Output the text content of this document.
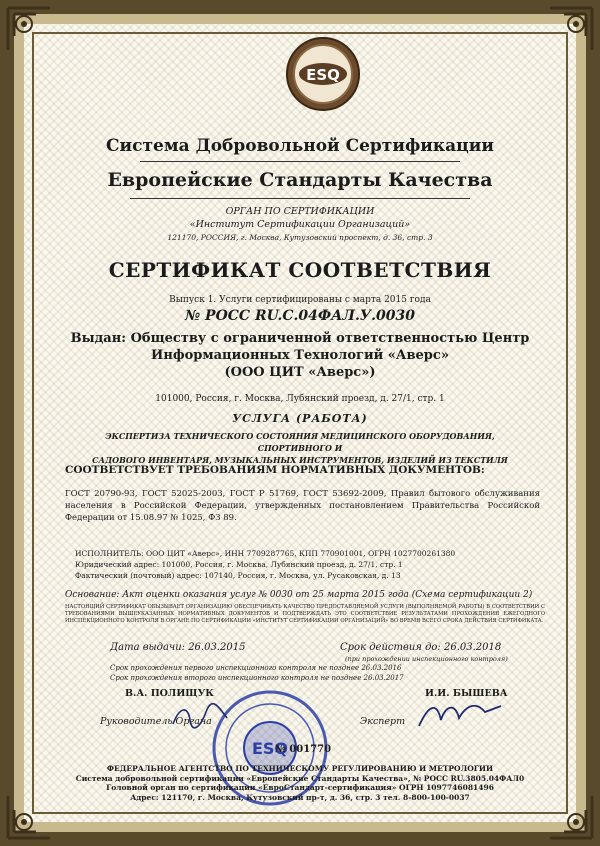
ESQ
Система Добровольной Сертификации
Европейские Стандарты Качества
ОРГАН ПО СЕРТИФИКАЦИИ
«Институт Сертификации Организаций»
121170, РОССИЯ, г. Москва, Кутузовский проспект, д. 36, стр. 3
СЕРТИФИКАТ СООТВЕТСТВИЯ
Выпуск 1. Услуги сертифицированы с марта 2015 года
№ РОСС RU.С.04ФАЛ.У.0030
Выдан: Обществу с ограниченной ответственностью Центр
Информационных Технологий «Аверс»
(ООО ЦИТ «Аверс»)
101000, Россия, г. Москва, Лубянский проезд, д. 27/1, стр. 1
УСЛУГА (РАБОТА)
ЭКСПЕРТИЗА ТЕХНИЧЕСКОГО СОСТОЯНИЯ МЕДИЦИНСКОГО ОБОРУДОВАНИЯ, СПОРТИВНОГО И
САДОВОГО ИНВЕНТАРЯ, МУЗЫКАЛЬНЫХ ИНСТРУМЕНТОВ, ИЗДЕЛИЙ ИЗ ТЕКСТИЛЯ
СООТВЕТСТВУЕТ ТРЕБОВАНИЯМ НОРМАТИВНЫХ ДОКУМЕНТОВ:
ГОСТ 20790-93, ГОСТ 52025-2003, ГОСТ Р 51769, ГОСТ 53692-2009, Правил бытового обслуживания населения в Российской Федерации, утвержденных постановлением Правительства Российской Федерации от 15.08.97 № 1025, ФЗ 89.
ИСПОЛНИТЕЛЬ: ООО ЦИТ «Аверс», ИНН 7709287765, КПП 770901001, ОГРН 1027700261380
Юридический адрес: 101000, Россия, г. Москва, Лубянский проезд, д. 27/1, стр. 1
Фактический (почтовый) адрес: 107140, Россия, г. Москва, ул. Русаковская, д. 13
Основание: Акт оценки оказания услуг № 0030 от 25 марта 2015 года (Схема сертификации 2)
НАСТОЯЩИЙ СЕРТИФИКАТ ОБЫЗЫВАЕТ ОРГАНИЗАЦИЮ ОБЕСПЕЧИВАТЬ КАЧЕСТВО ПРЕДОСТАВЛЯЕМОЙ УСЛУГИ (ВЫПОЛНЯЕМОЙ РАБОТЫ) В СООТВЕТСТВИИ С ТРЕБОВАНИЯМИ ВЫШЕУКАЗАННЫХ НОРМАТИВНЫХ ДОКУМЕНТОВ И ПОДТВЕРЖДАТЬ ЭТО СООТВЕТСТВИЕ РЕЗУЛЬТАТАМИ ПРОХОЖДЕНИЯ ЕЖЕГОДНОГО ИНСПЕКЦИОННОГО КОНТРОЛЯ В ОРГАНЕ ПО СЕРТИФИКАЦИИ «ИНСТИТУТ СЕРТИФИКАЦИИ ОРГАНИЗАЦИЙ» ВО ВРЕМЯ ВСЕГО СРОКА ДЕЙСТВИЯ СЕРТИФИКАТА.
Дата выдачи: 26.03.2015	Срок действия до: 26.03.2018
(при прохождении инспекционного контроля)
Срок прохождения первого инспекционного контроля не позднее 26.03.2016
Срок прохождения второго инспекционного контроля не позднее 26.03.2017
В.А. ПОЛИЩУК	И.И. БЫШЕВА
Руководитель Органа	Эксперт
ESQ
№ 001770
ФЕДЕРАЛЬНОЕ АГЕНТСТВО ПО ТЕХНИЧЕСКОМУ РЕГУЛИРОВАНИЮ И МЕТРОЛОГИИ
Система добровольной сертификации «Европейские Стандарты Качества», № РОСС RU.3805.04ФАЛ0
Головной орган по сертификации «ЕвроСтандарт-сертификация» ОГРН 1097746081496
Адрес: 121170, г. Москва, Кутузовский пр-т, д. 36, стр. 3 тел. 8-800-100-0037
